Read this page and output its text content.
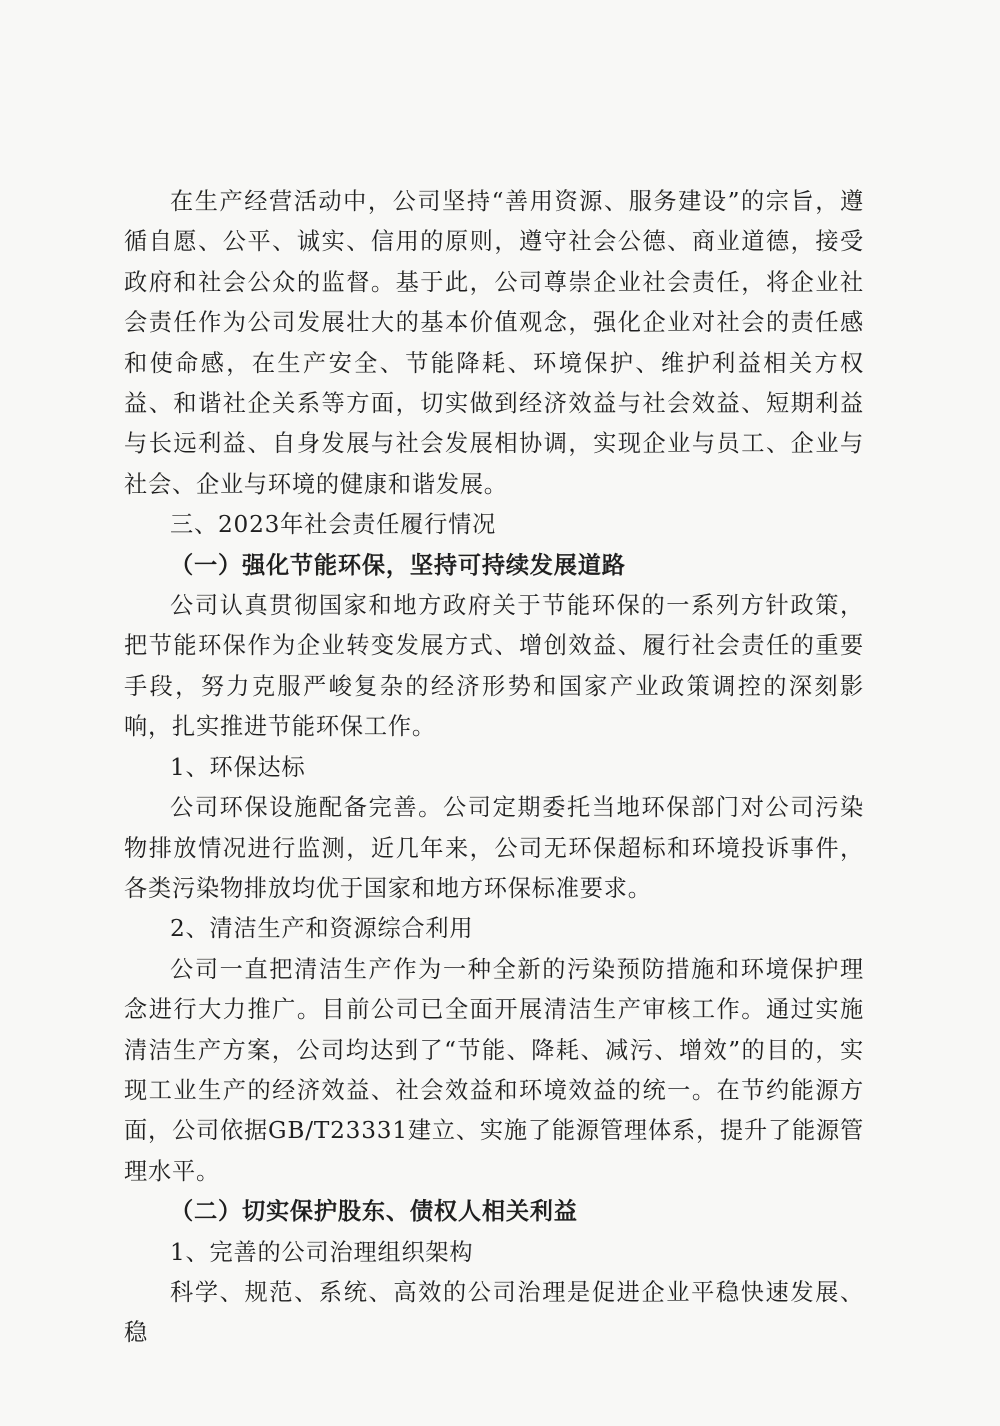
在生产经营活动中，公司坚持“善用资源、服务建设”的宗旨，遵循自愿、公平、诚实、信用的原则，遵守社会公德、商业道德，接受政府和社会公众的监督。基于此，公司尊崇企业社会责任，将企业社会责任作为公司发展壮大的基本价值观念，强化企业对社会的责任感和使命感，在生产安全、节能降耗、环境保护、维护利益相关方权益、和谐社企关系等方面，切实做到经济效益与社会效益、短期利益与长远利益、自身发展与社会发展相协调，实现企业与员工、企业与社会、企业与环境的健康和谐发展。

三、2023年社会责任履行情况

（一）强化节能环保，坚持可持续发展道路

公司认真贯彻国家和地方政府关于节能环保的一系列方针政策，把节能环保作为企业转变发展方式、增创效益、履行社会责任的重要手段，努力克服严峻复杂的经济形势和国家产业政策调控的深刻影响，扎实推进节能环保工作。

1、环保达标

公司环保设施配备完善。公司定期委托当地环保部门对公司污染物排放情况进行监测，近几年来，公司无环保超标和环境投诉事件，各类污染物排放均优于国家和地方环保标准要求。

2、清洁生产和资源综合利用

公司一直把清洁生产作为一种全新的污染预防措施和环境保护理念进行大力推广。目前公司已全面开展清洁生产审核工作。通过实施清洁生产方案，公司均达到了“节能、降耗、减污、增效”的目的，实现工业生产的经济效益、社会效益和环境效益的统一。在节约能源方面，公司依据GB/T23331建立、实施了能源管理体系，提升了能源管理水平。

（二）切实保护股东、债权人相关利益

1、完善的公司治理组织架构

科学、规范、系统、高效的公司治理是促进企业平稳快速发展、稳
